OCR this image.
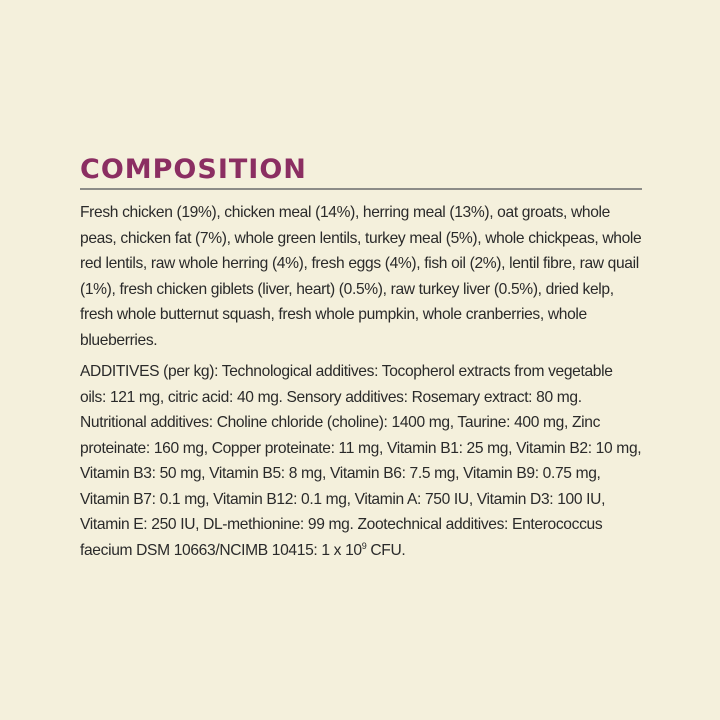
COMPOSITION

Fresh chicken (19%), chicken meal (14%), herring meal (13%), oat groats, whole peas, chicken fat (7%), whole green lentils, turkey meal (5%), whole chickpeas, whole red lentils, raw whole herring (4%), fresh eggs (4%), fish oil (2%), lentil fibre, raw quail (1%), fresh chicken giblets (liver, heart) (0.5%), raw turkey liver (0.5%), dried kelp, fresh whole butternut squash, fresh whole pumpkin, whole cranberries, whole blueberries.

ADDITIVES (per kg): Technological additives: Tocopherol extracts from vegetable oils: 121 mg, citric acid: 40 mg. Sensory additives: Rosemary extract: 80 mg. Nutritional additives: Choline chloride (choline): 1400 mg, Taurine: 400 mg, Zinc proteinate: 160 mg, Copper proteinate: 11 mg, Vitamin B1: 25 mg, Vitamin B2: 10 mg, Vitamin B3: 50 mg, Vitamin B5: 8 mg, Vitamin B6: 7.5 mg, Vitamin B9: 0.75 mg, Vitamin B7: 0.1 mg, Vitamin B12: 0.1 mg, Vitamin A: 750 IU, Vitamin D3: 100 IU, Vitamin E: 250 IU, DL-methionine: 99 mg. Zootechnical additives: Enterococcus faecium DSM 10663/NCIMB 10415: 1 x $10^9$ CFU.
